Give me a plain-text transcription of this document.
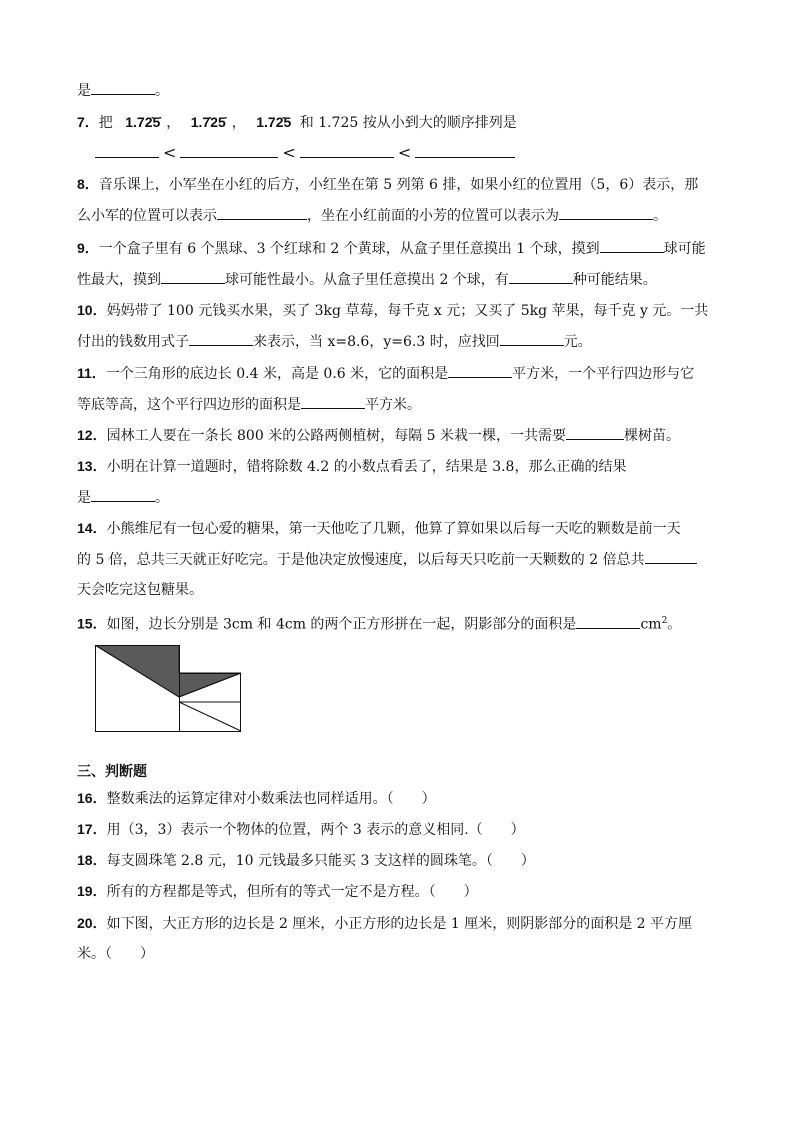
是	。
7．把 1.72̇5̇ ， 1.7̇25̇ ， 1.72̇5 和 1.725 按从小到大的顺序排列是
<	<	<
8．音乐课上，小军坐在小红的后方，小红坐在第 5 列第 6 排，如果小红的位置用（5，6）表示，那
么小军的位置可以表示	，坐在小红前面的小芳的位置可以表示为	。
9．一个盒子里有 6 个黑球、3 个红球和 2 个黄球，从盒子里任意摸出 1 个球，摸到	球可能
性最大，摸到	球可能性最小。从盒子里任意摸出 2 个球，有	种可能结果。
10．妈妈带了 100 元钱买水果，买了 3kg 草莓，每千克 x 元；又买了 5kg 苹果，每千克 y 元。一共
付出的钱数用式子	来表示，当 x=8.6，y=6.3 时，应找回	元。
11．一个三角形的底边长 0.4 米，高是 0.6 米，它的面积是	平方米，一个平行四边形与它
等底等高，这个平行四边形的面积是	平方米。
12．园林工人要在一条长 800 米的公路两侧植树，每隔 5 米栽一棵，一共需要	棵树苗。
13．小明在计算一道题时，错将除数 4.2 的小数点看丢了，结果是 3.8，那么正确的结果
是	。
14．小熊维尼有一包心爱的糖果，第一天他吃了几颗，他算了算如果以后每一天吃的颗数是前一天
的 5 倍，总共三天就正好吃完。于是他决定放慢速度，以后每天只吃前一天颗数的 2 倍总共
天会吃完这包糖果。
15．如图，边长分别是 3cm 和 4cm 的两个正方形拼在一起，阴影部分的面积是	$cm^2$。
三、判断题
16．整数乘法的运算定律对小数乘法也同样适用。（　　）
17．用（3，3）表示一个物体的位置，两个 3 表示的意义相同.（　　）
18．每支圆珠笔 2.8 元，10 元钱最多只能买 3 支这样的圆珠笔。（　　）
19．所有的方程都是等式，但所有的等式一定不是方程。（　　）
20．如下图，大正方形的边长是 2 厘米，小正方形的边长是 1 厘米，则阴影部分的面积是 2 平方厘
米。（　　）
